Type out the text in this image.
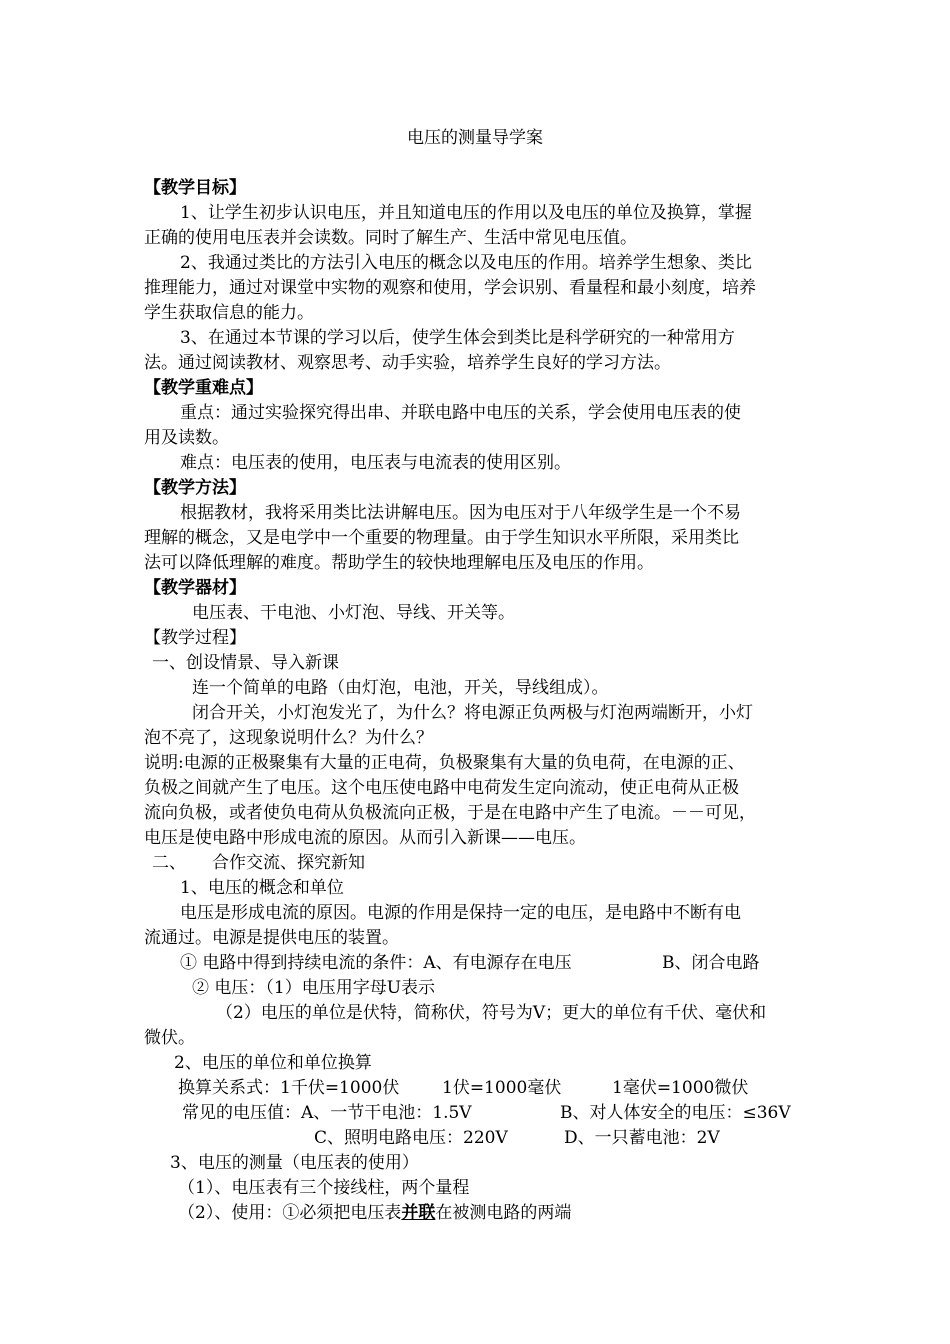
电压的测量导学案
【教学目标】
1、让学生初步认识电压，并且知道电压的作用以及电压的单位及换算，掌握
正确的使用电压表并会读数。同时了解生产、生活中常见电压值。
2、我通过类比的方法引入电压的概念以及电压的作用。培养学生想象、类比
推理能力，通过对课堂中实物的观察和使用，学会识别、看量程和最小刻度，培养
学生获取信息的能力。
3、在通过本节课的学习以后，使学生体会到类比是科学研究的一种常用方
法。通过阅读教材、观察思考、动手实验，培养学生良好的学习方法。
【教学重难点】
重点：通过实验探究得出串、并联电路中电压的关系，学会使用电压表的使
用及读数。
难点：电压表的使用，电压表与电流表的使用区别。
【教学方法】
根据教材，我将采用类比法讲解电压。因为电压对于八年级学生是一个不易
理解的概念，又是电学中一个重要的物理量。由于学生知识水平所限，采用类比
法可以降低理解的难度。帮助学生的较快地理解电压及电压的作用。
【教学器材】
电压表、干电池、小灯泡、导线、开关等。
【教学过程】
一、创设情景、导入新课
连一个简单的电路（由灯泡，电池，开关，导线组成）。
闭合开关，小灯泡发光了，为什么？将电源正负两极与灯泡两端断开，小灯
泡不亮了，这现象说明什么？为什么？
说明:电源的正极聚集有大量的正电荷，负极聚集有大量的负电荷，在电源的正、
负极之间就产生了电压。这个电压使电路中电荷发生定向流动，使正电荷从正极
流向负极，或者使负电荷从负极流向正极，于是在电路中产生了电流。－－可见，
电压是使电路中形成电流的原因。从而引入新课——电压。
二、	合作交流、探究新知
1、电压的概念和单位
电压是形成电流的原因。电源的作用是保持一定的电压，是电路中不断有电
流通过。电源是提供电压的装置。
① 电路中得到持续电流的条件：A、有电源存在电压	B、闭合电路
② 电压：（1）电压用字母U表示
（2）电压的单位是伏特，简称伏，符号为V；更大的单位有千伏、毫伏和
微伏。
2、电压的单位和单位换算
换算关系式：1千伏=1000伏	1伏=1000毫伏	1毫伏=1000微伏
常见的电压值：A、一节干电池：1.5V	B、对人体安全的电压：≤36V
C、照明电路电压：220V	D、一只蓄电池：2V
3、电压的测量（电压表的使用）
（1）、电压表有三个接线柱，两个量程
（2）、使用：①必须把电压表并联在被测电路的两端
